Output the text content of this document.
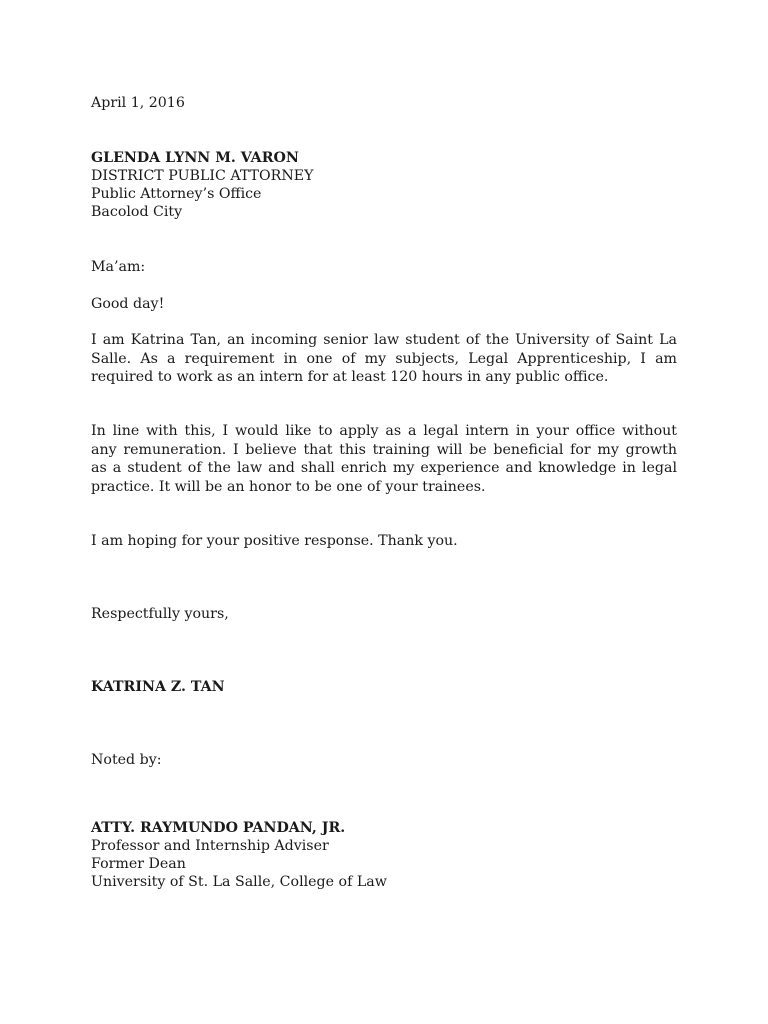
April 1, 2016
GLENDA LYNN M. VARON
DISTRICT PUBLIC ATTORNEY
Public Attorney’s Office
Bacolod City
Ma’am:
Good day!
I am Katrina Tan, an incoming senior law student of the University of Saint La
Salle. As a requirement in one of my subjects, Legal Apprenticeship, I am
required to work as an intern for at least 120 hours in any public office.
In line with this, I would like to apply as a legal intern in your office without
any remuneration. I believe that this training will be beneficial for my growth
as a student of the law and shall enrich my experience and knowledge in legal
practice. It will be an honor to be one of your trainees.
I am hoping for your positive response. Thank you.
Respectfully yours,
KATRINA Z. TAN
Noted by:
ATTY. RAYMUNDO PANDAN, JR.
Professor and Internship Adviser
Former Dean
University of St. La Salle, College of Law
